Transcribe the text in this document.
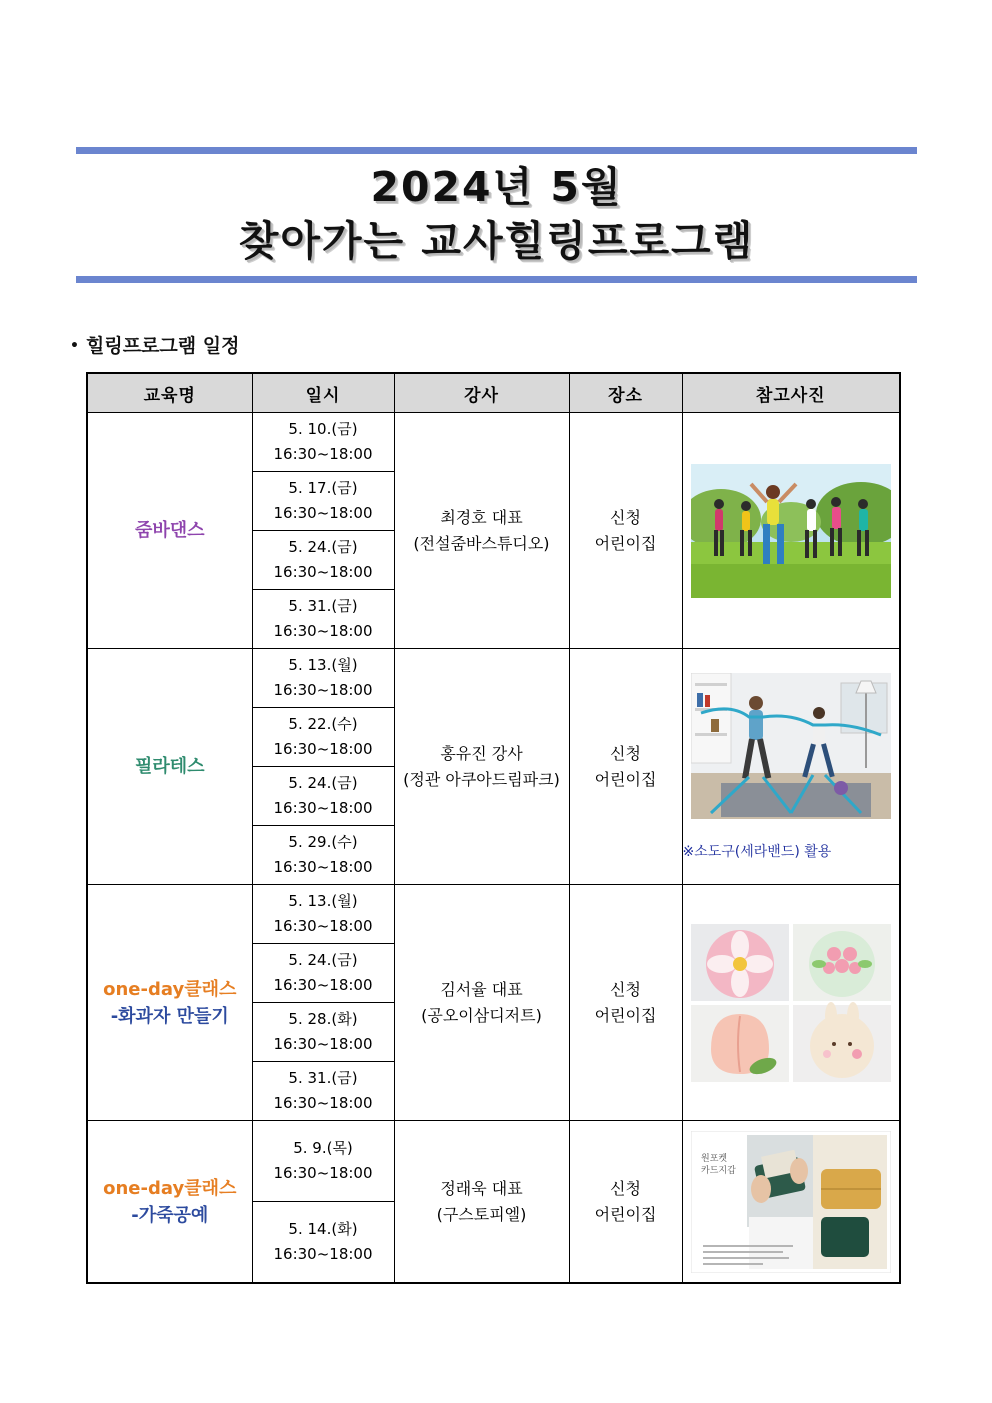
2024년 5월
찾아가는 교사힐링프로그램
• 힐링프로그램 일정
교육명	일시	강사	장소	참고사진

줌바댄스	5. 10.(금)
16:30~18:00	최경호 대표
(전설줌바스튜디오)	신청
어린이집

	5. 17.(금)
16:30~18:00			

	5. 24.(금)
16:30~18:00			

	5. 31.(금)
16:30~18:00			

필라테스	5. 13.(월)
16:30~18:00	홍유진 강사
(정관 아쿠아드림파크)	신청
어린이집	※소도구(세라밴드) 활용

	5. 22.(수)
16:30~18:00			

	5. 24.(금)
16:30~18:00			

	5. 29.(수)
16:30~18:00			

one-day클래스
-화과자 만들기	5. 13.(월)
16:30~18:00	김서율 대표
(공오이삼디저트)	신청
어린이집

	5. 24.(금)
16:30~18:00			

	5. 28.(화)
16:30~18:00			

	5. 31.(금)
16:30~18:00			

one-day클래스
-가죽공예	5. 9.(목)
16:30~18:00	정래욱 대표
(구스토피엘)	신청
어린이집	원포켓
카드지갑

	5. 14.(화)
16:30~18:00			
